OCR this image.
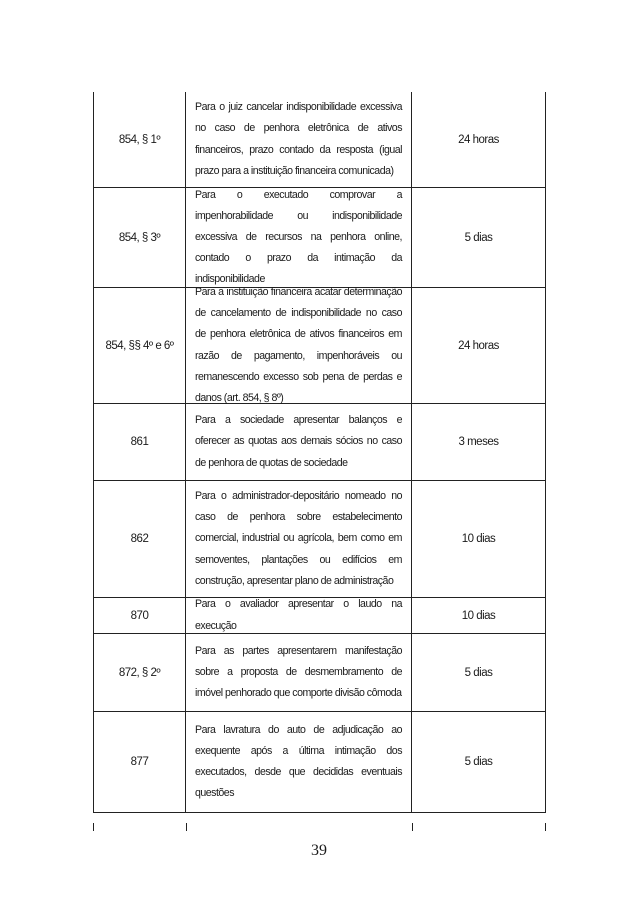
854, § 1º
Para o juiz cancelar indisponibilidade excessiva no caso de penhora eletrônica de ativos financeiros, prazo contado da resposta (igual prazo para a instituição financeira comunicada)
24 horas
854, § 3º
Para o executado comprovar a impenhorabilidade ou indisponibilidade excessiva de recursos na penhora online, contado o prazo da intimação da indisponibilidade
5 dias
854, §§ 4º e 6º
Para a instituição financeira acatar determinação de cancelamento de indisponibilidade no caso de penhora eletrônica de ativos financeiros em razão de pagamento, impenhoráveis ou remanescendo excesso sob pena de perdas e danos (art. 854, § 8º)
24 horas
861
Para a sociedade apresentar balanços e oferecer as quotas aos demais sócios no caso de penhora de quotas de sociedade
3 meses
862
Para o administrador-depositário nomeado no caso de penhora sobre estabelecimento comercial, industrial ou agrícola, bem como em semoventes, plantações ou edifícios em construção, apresentar plano de administração
10 dias
870
Para o avaliador apresentar o laudo na execução
10 dias
872, § 2º
Para as partes apresentarem manifestação sobre a proposta de desmembramento de imóvel penhorado que comporte divisão cômoda
5 dias
877
Para lavratura do auto de adjudicação ao exequente após a última intimação dos executados, desde que decididas eventuais questões
5 dias
39
